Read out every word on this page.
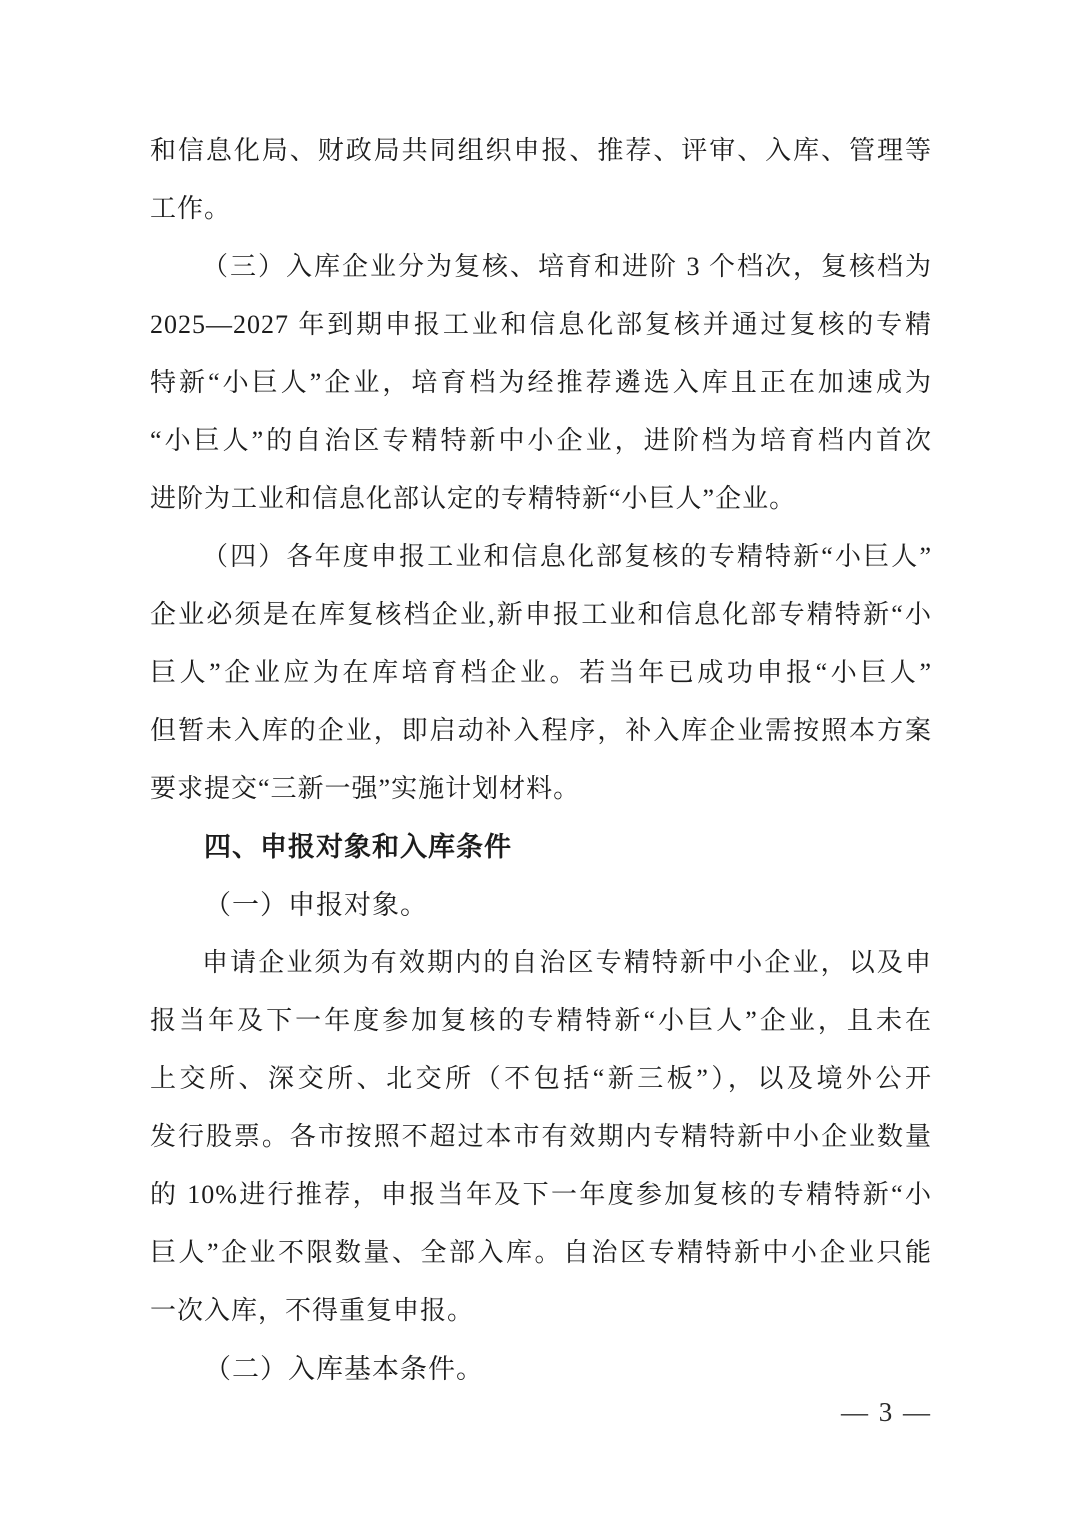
和信息化局、财政局共同组织申报、推荐、评审、入库、管理等
工作。
（三）入库企业分为复核、培育和进阶 3 个档次，复核档为
2025—2027 年到期申报工业和信息化部复核并通过复核的专精
特新“小巨人”企业，培育档为经推荐遴选入库且正在加速成为
“小巨人”的自治区专精特新中小企业，进阶档为培育档内首次
进阶为工业和信息化部认定的专精特新“小巨人”企业。
（四）各年度申报工业和信息化部复核的专精特新“小巨人”
企业必须是在库复核档企业,新申报工业和信息化部专精特新“小
巨人”企业应为在库培育档企业。若当年已成功申报“小巨人”
但暂未入库的企业，即启动补入程序，补入库企业需按照本方案
要求提交“三新一强”实施计划材料。
四、申报对象和入库条件
（一）申报对象。
申请企业须为有效期内的自治区专精特新中小企业，以及申
报当年及下一年度参加复核的专精特新“小巨人”企业，且未在
上交所、深交所、北交所（不包括“新三板”），以及境外公开
发行股票。各市按照不超过本市有效期内专精特新中小企业数量
的 10%进行推荐，申报当年及下一年度参加复核的专精特新“小
巨人”企业不限数量、全部入库。自治区专精特新中小企业只能
一次入库，不得重复申报。
（二）入库基本条件。
— 3 —
